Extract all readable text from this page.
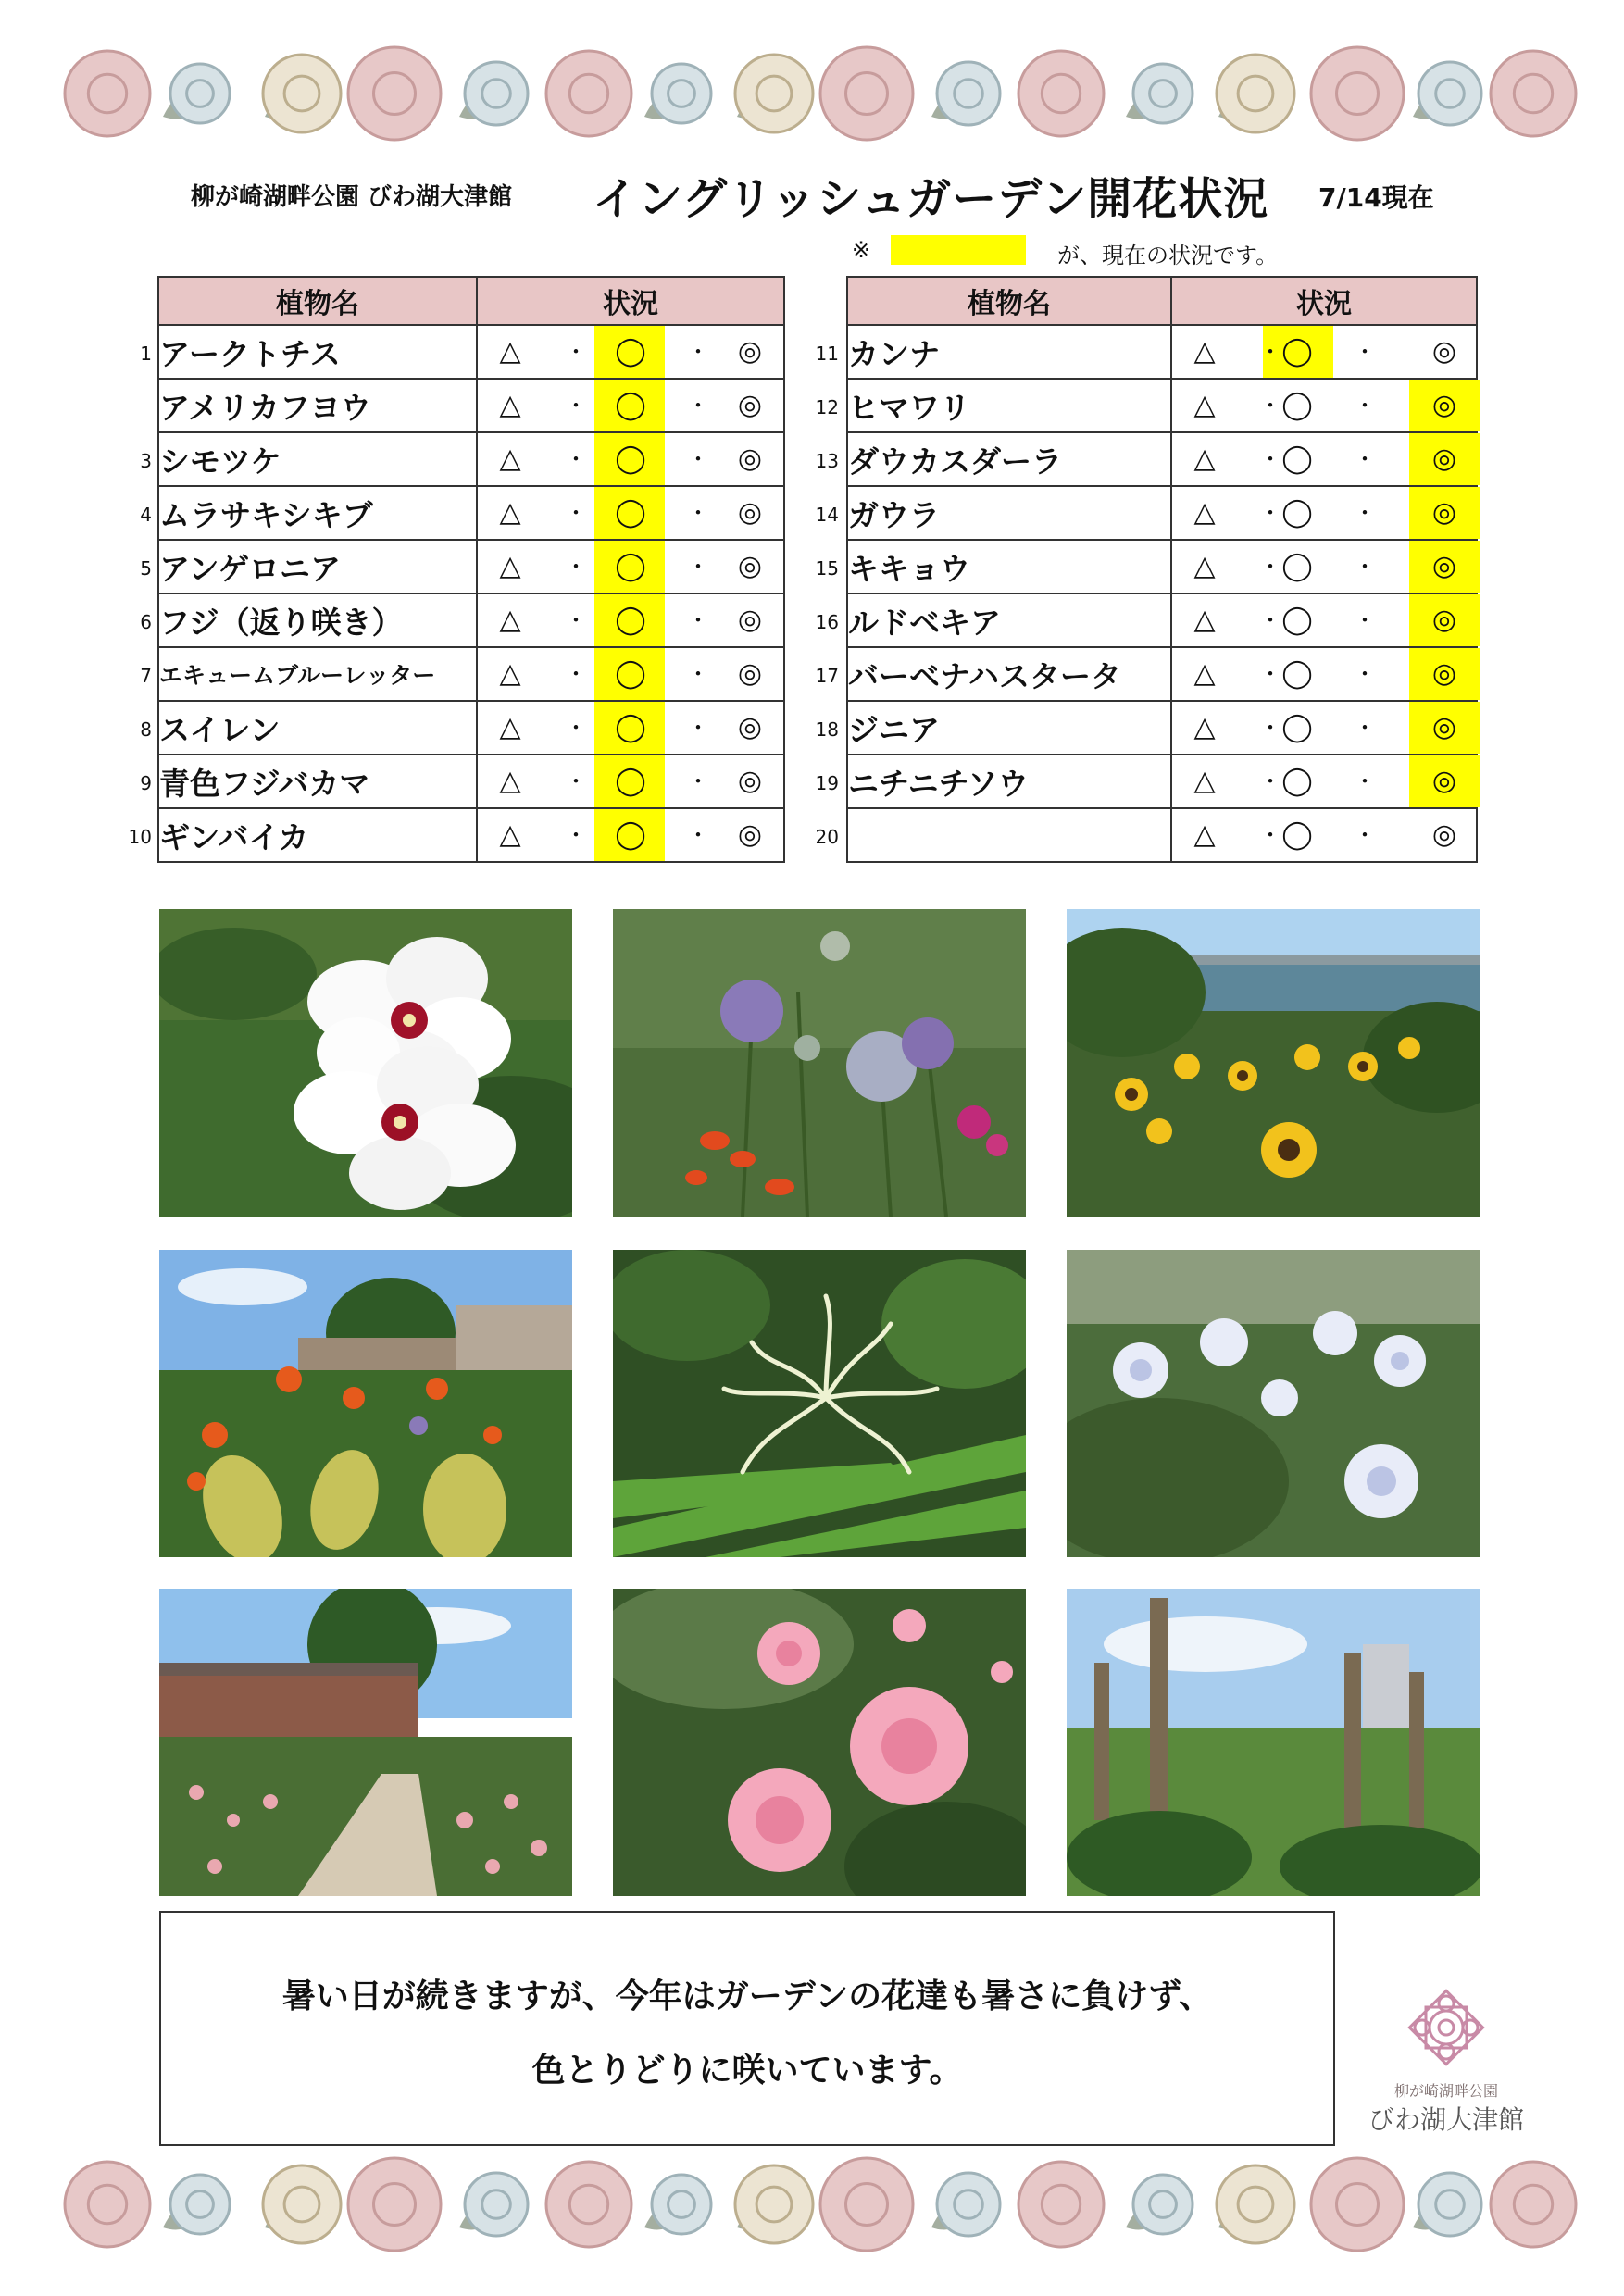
柳が崎湖畔公園 びわ湖大津館 イングリッシュガーデン開花状況 7/14現在
※	が、現在の状況です。
植物名	状況

1 アークトチス	△ ・ ◯ ・ ◎

アメリカフヨウ	△ ・ ◯ ・ ◎

3 シモツケ	△ ・ ◯ ・ ◎

4 ムラサキシキブ	△ ・ ◯ ・ ◎

5 アンゲロニア	△ ・ ◯ ・ ◎

6 フジ（返り咲き）	△ ・ ◯ ・ ◎

7 エキュームブルーレッター	△ ・ ◯ ・ ◎

8 スイレン	△ ・ ◯ ・ ◎

9 青色フジバカマ	△ ・ ◯ ・ ◎

10 ギンバイカ	△ ・ ◯ ・ ◎
植物名	状況

11 カンナ	△ ・ ◯ ・ ◎

12 ヒマワリ	△ ・ ◯ ・ ◎

13 ダウカスダーラ	△ ・ ◯ ・ ◎

14 ガウラ	△ ・ ◯ ・ ◎

15 キキョウ	△ ・ ◯ ・ ◎

16 ルドベキア	△ ・ ◯ ・ ◎

17 バーベナハスタータ	△ ・ ◯ ・ ◎

18 ジニア	△ ・ ◯ ・ ◎

19 ニチニチソウ	△ ・ ◯ ・ ◎

20	△ ・ ◯ ・ ◎
暑い日が続きますが、今年はガーデンの花達も暑さに負けず、
色とりどりに咲いています。
柳が崎湖畔公園
びわ湖大津館
